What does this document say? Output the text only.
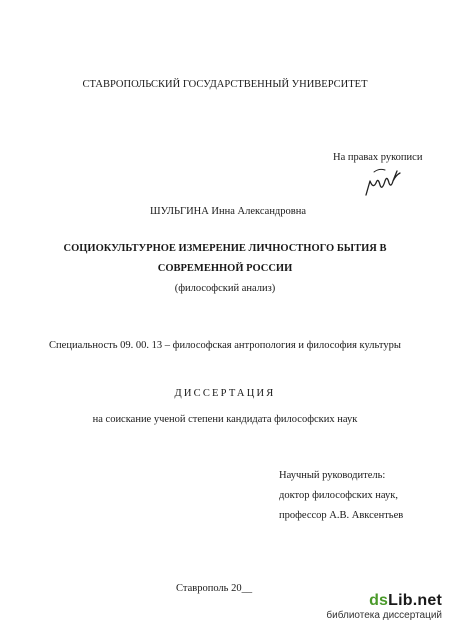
СТАВРОПОЛЬСКИЙ ГОСУДАРСТВЕННЫЙ УНИВЕРСИТЕТ
На правах рукописи
ШУЛЬГИНА Инна Александровна
СОЦИОКУЛЬТУРНОЕ ИЗМЕРЕНИЕ ЛИЧНОСТНОГО БЫТИЯ В
СОВРЕМЕННОЙ РОССИИ
(философский анализ)
Специальность 09. 00. 13 – философская антропология и философия культуры
ДИССЕРТАЦИЯ
на соискание ученой степени кандидата философских наук
Научный руководитель:
доктор философских наук,
профессор А.В. Авксентьев
Ставрополь 20__
dsLib.net
библиотека диссертаций
